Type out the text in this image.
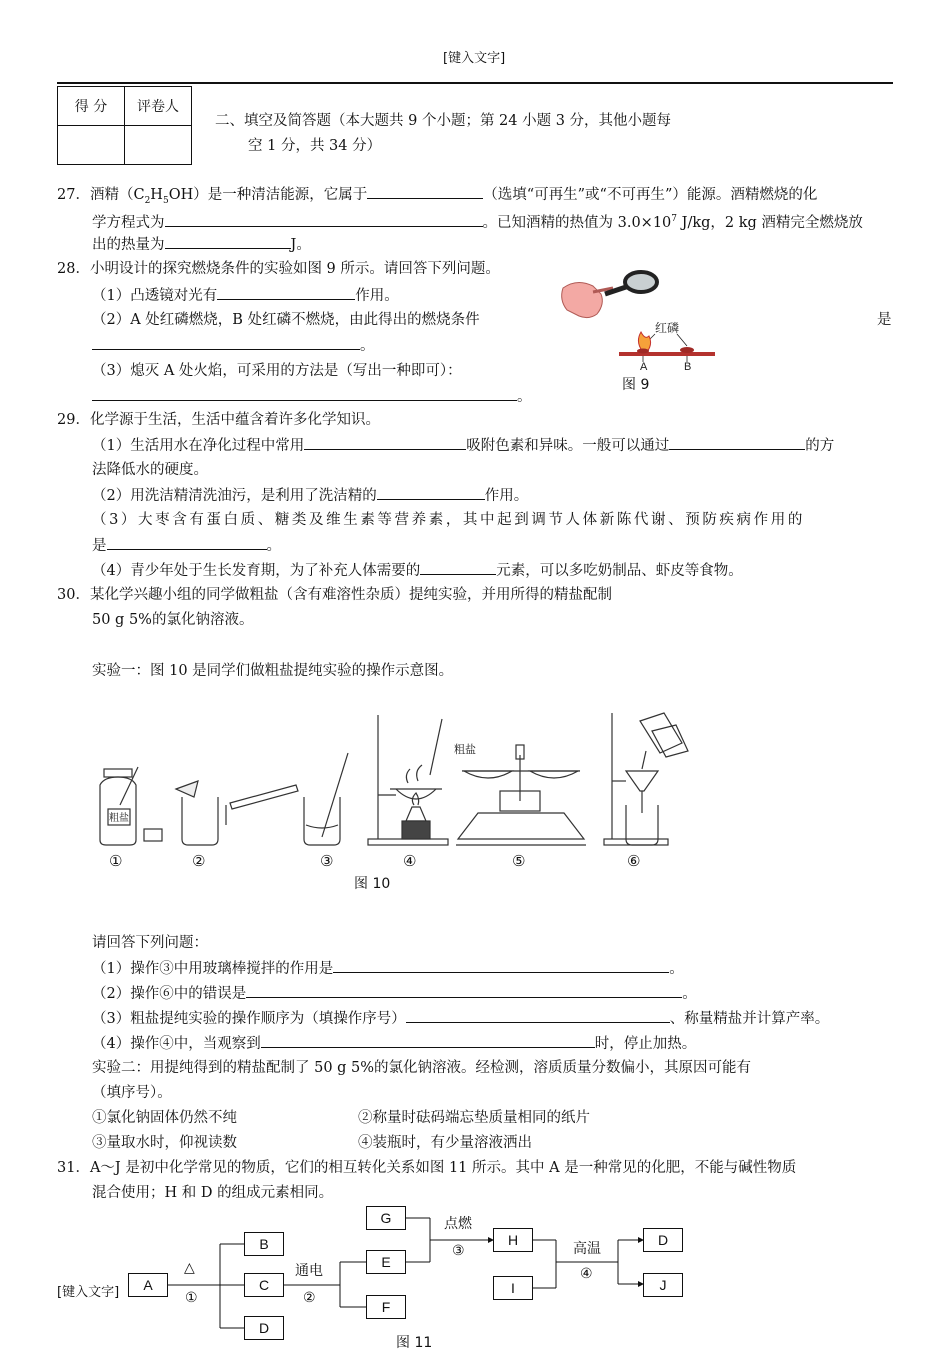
[键入文字]
得 分	评卷人

二、填空及简答题（本大题共 9 个小题；第 24 小题 3 分，其他小题每
空 1 分，共 34 分）
27．酒精$(C_2H_5OH)$是一种清洁能源，它属于	（选填“可再生”或“不可再生”）能源。酒精燃烧的化
学方程式为	。已知酒精的热值为 $3.0\times 10^7$ J/kg，2 kg 酒精完全燃烧放
出的热量为	J。
28．小明设计的探究燃烧条件的实验如图 9 所示。请回答下列问题。
（1）凸透镜对光有	作用。
（2）A 处红磷燃烧，B 处红磷不燃烧，由此得出的燃烧条件	是
。
（3）熄灭 A 处火焰，可采用的方法是（写出一种即可）：
。
红磷
A	B
图 9
29．化学源于生活，生活中蕴含着许多化学知识。
（1）生活用水在净化过程中常用	吸附色素和异味。一般可以通过	的方
法降低水的硬度。
（2）用洗洁精清洗油污，是利用了洗洁精的	作用。
（3）大枣含有蛋白质、糖类及维生素等营养素，其中起到调节人体新陈代谢、预防疾病作用的
是	。
（4）青少年处于生长发育期，为了补充人体需要的	元素，可以多吃奶制品、虾皮等食物。
30．某化学兴趣小组的同学做粗盐（含有难溶性杂质）提纯实验，并用所得的精盐配制
50 g 5%的氯化钠溶液。
实验一：图 10 是同学们做粗盐提纯实验的操作示意图。
粗盐
粗盐
①	②	③	④	⑤	⑥
图 10
请回答下列问题：
（1）操作③中用玻璃棒搅拌的作用是	。
（2）操作⑥中的错误是	。
（3）粗盐提纯实验的操作顺序为（填操作序号）	、称量精盐并计算产率。
（4）操作④中，当观察到	时，停止加热。
实验二：用提纯得到的精盐配制了 50 g 5%的氯化钠溶液。经检测，溶质质量分数偏小，其原因可能有
（填序号）。
①氯化钠固体仍然不纯	②称量时砝码端忘垫质量相同的纸片
③量取水时，仰视读数	④装瓶时，有少量溶液洒出
31．A～J 是初中化学常见的物质，它们的相互转化关系如图 11 所示。其中 A 是一种常见的化肥，不能与碱性物质
混合使用；H 和 D 的组成元素相同。
[键入文字]	A
B
C
D
G
E
F
H
I
D
J
△
①
通电
②
点燃
③	高温
④
图 11
